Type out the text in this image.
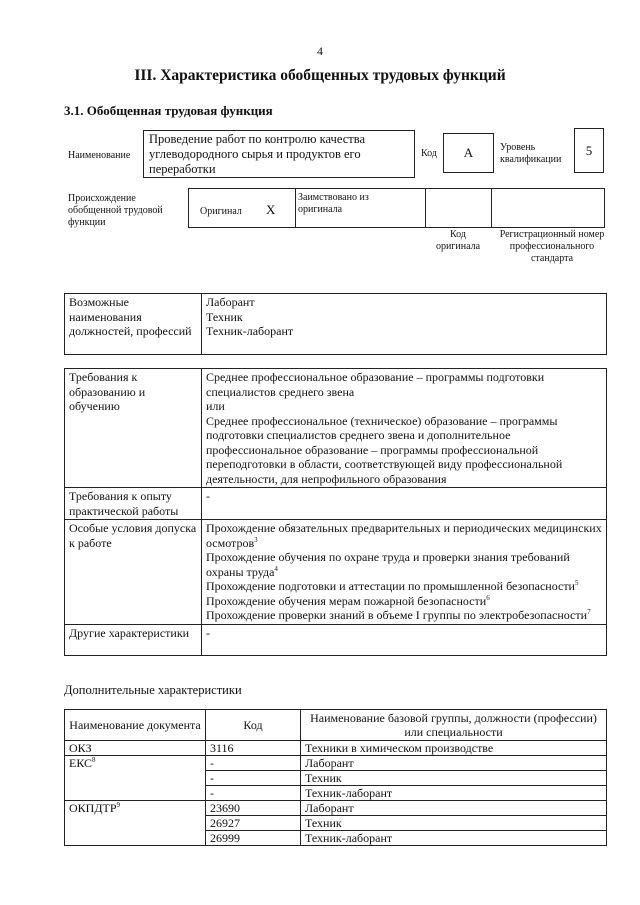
4
III. Характеристика обобщенных трудовых функций
3.1. Обобщенная трудовая функция
Наименование
Проведение работ по контролю качества углеводородного сырья и продуктов его переработки
Код	А	Уровень квалификации
5
Происхождение обобщенной трудовой функции
Оригинал X
Заимствовано из оригинала
Код оригинала
Регистрационный номер профессионального стандарта
Возможные наименования должностей, профессий	
Лаборант
Техник
Техник-лаборант
Требования к образованию и обучению	Среднее профессиональное образование – программы подготовки специалистов среднего звена
или
Среднее профессиональное (техническое) образование – программы подготовки специалистов среднего звена и дополнительное профессиональное образование – программы профессиональной переподготовки в области, соответствующей виду профессиональной деятельности, для непрофильного образования

Требования к опыту практической работы	-
Особые условия допуска к работе	Прохождение обязательных предварительных и периодических медицинских осмотров$^3$
Прохождение обучения по охране труда и проверки знания требований охраны труда$^4$
Прохождение подготовки и аттестации по промышленной безопасности$^5$
Прохождение обучения мерам пожарной безопасности$^6$
Прохождение проверки знаний в объеме I группы по электробезопасности$^7$

Другие характеристики	-
Дополнительные характеристики
Наименование документа	Код	Наименование базовой группы, должности (профессии) или специальности
ОКЗ	3116	Техники в химическом производстве
ЕКС$^8$	-	Лаборант
	-	Техник
	-	Техник-лаборант
ОКПДТР$^9$	23690	Лаборант
	26927	Техник
	26999	Техник-лаборант
